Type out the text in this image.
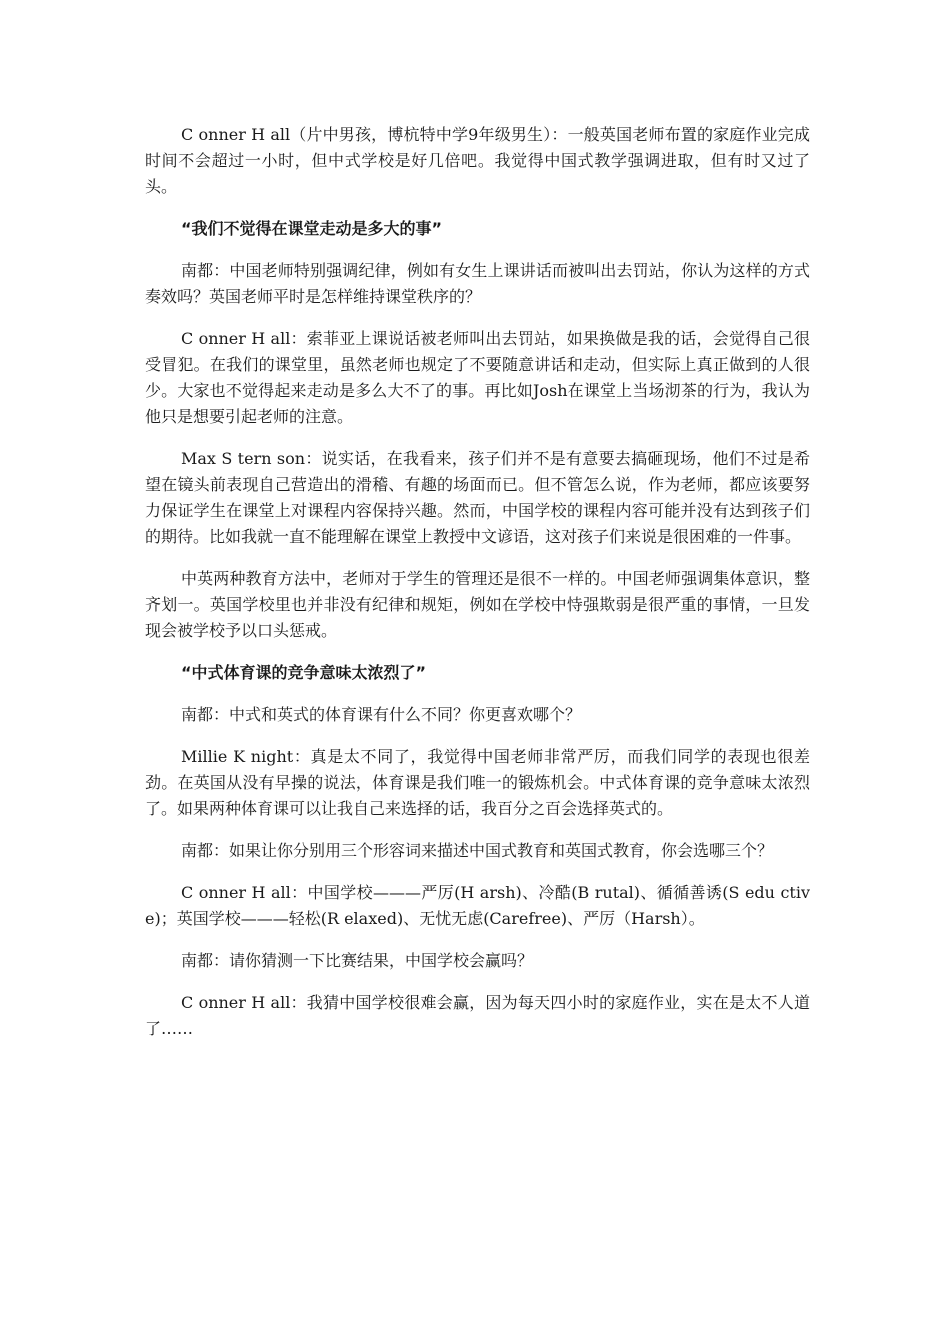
C onner H all（片中男孩，博杭特中学9年级男生）：一般英国老师布置的家庭作业完成时间不会超过一小时，但中式学校是好几倍吧。我觉得中国式教学强调进取，但有时又过了头。

“我们不觉得在课堂走动是多大的事”

南都：中国老师特别强调纪律，例如有女生上课讲话而被叫出去罚站，你认为这样的方式奏效吗？英国老师平时是怎样维持课堂秩序的？

C onner H all：索菲亚上课说话被老师叫出去罚站，如果换做是我的话，会觉得自己很受冒犯。在我们的课堂里，虽然老师也规定了不要随意讲话和走动，但实际上真正做到的人很少。大家也不觉得起来走动是多么大不了的事。再比如Josh在课堂上当场沏茶的行为，我认为他只是想要引起老师的注意。

Max S tern son：说实话，在我看来，孩子们并不是有意要去搞砸现场，他们不过是希望在镜头前表现自己营造出的滑稽、有趣的场面而已。但不管怎么说，作为老师，都应该要努力保证学生在课堂上对课程内容保持兴趣。然而，中国学校的课程内容可能并没有达到孩子们的期待。比如我就一直不能理解在课堂上教授中文谚语，这对孩子们来说是很困难的一件事。

中英两种教育方法中，老师对于学生的管理还是很不一样的。中国老师强调集体意识，整齐划一。英国学校里也并非没有纪律和规矩，例如在学校中恃强欺弱是很严重的事情，一旦发现会被学校予以口头惩戒。

“中式体育课的竞争意味太浓烈了”

南都：中式和英式的体育课有什么不同？你更喜欢哪个？

Millie K night：真是太不同了，我觉得中国老师非常严厉，而我们同学的表现也很差劲。在英国从没有早操的说法，体育课是我们唯一的锻炼机会。中式体育课的竞争意味太浓烈了。如果两种体育课可以让我自己来选择的话，我百分之百会选择英式的。

南都：如果让你分别用三个形容词来描述中国式教育和英国式教育，你会选哪三个？

C onner H all：中国学校———严厉(H arsh)、冷酷(B rutal)、循循善诱(S edu ctiv e)；英国学校———轻松(R elaxed)、无忧无虑(Carefree)、严厉（Harsh）。

南都：请你猜测一下比赛结果，中国学校会赢吗？

C onner H all：我猜中国学校很难会赢，因为每天四小时的家庭作业，实在是太不人道了……
